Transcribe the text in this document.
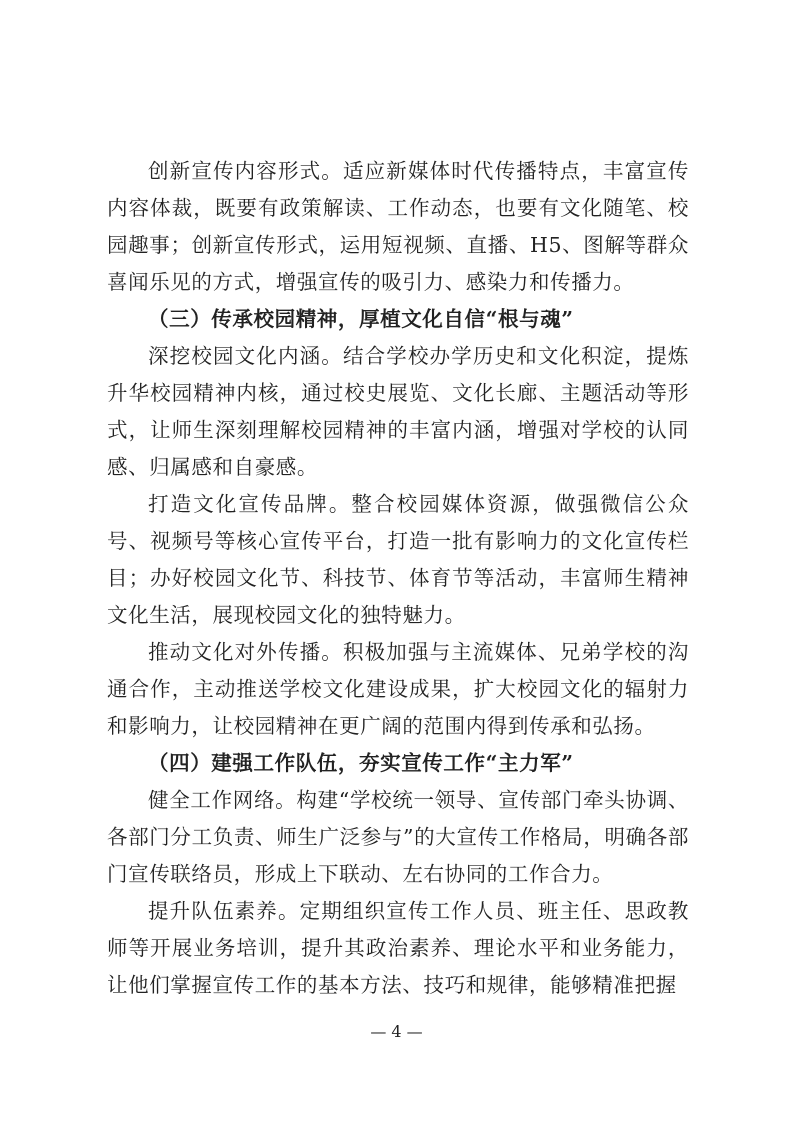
创新宣传内容形式。适应新媒体时代传播特点，丰富宣传内容体裁，既要有政策解读、工作动态，也要有文化随笔、校园趣事；创新宣传形式，运用短视频、直播、H5、图解等群众喜闻乐见的方式，增强宣传的吸引力、感染力和传播力。

（三）传承校园精神，厚植文化自信“根与魂”

深挖校园文化内涵。结合学校办学历史和文化积淀，提炼升华校园精神内核，通过校史展览、文化长廊、主题活动等形式，让师生深刻理解校园精神的丰富内涵，增强对学校的认同感、归属感和自豪感。

打造文化宣传品牌。整合校园媒体资源，做强微信公众号、视频号等核心宣传平台，打造一批有影响力的文化宣传栏目；办好校园文化节、科技节、体育节等活动，丰富师生精神文化生活，展现校园文化的独特魅力。

推动文化对外传播。积极加强与主流媒体、兄弟学校的沟通合作，主动推送学校文化建设成果，扩大校园文化的辐射力和影响力，让校园精神在更广阔的范围内得到传承和弘扬。

（四）建强工作队伍，夯实宣传工作“主力军”

健全工作网络。构建“学校统一领导、宣传部门牵头协调、各部门分工负责、师生广泛参与”的大宣传工作格局，明确各部门宣传联络员，形成上下联动、左右协同的工作合力。

提升队伍素养。定期组织宣传工作人员、班主任、思政教师等开展业务培训，提升其政治素养、理论水平和业务能力，让他们掌握宣传工作的基本方法、技巧和规律，能够精准把握

— 4 —
